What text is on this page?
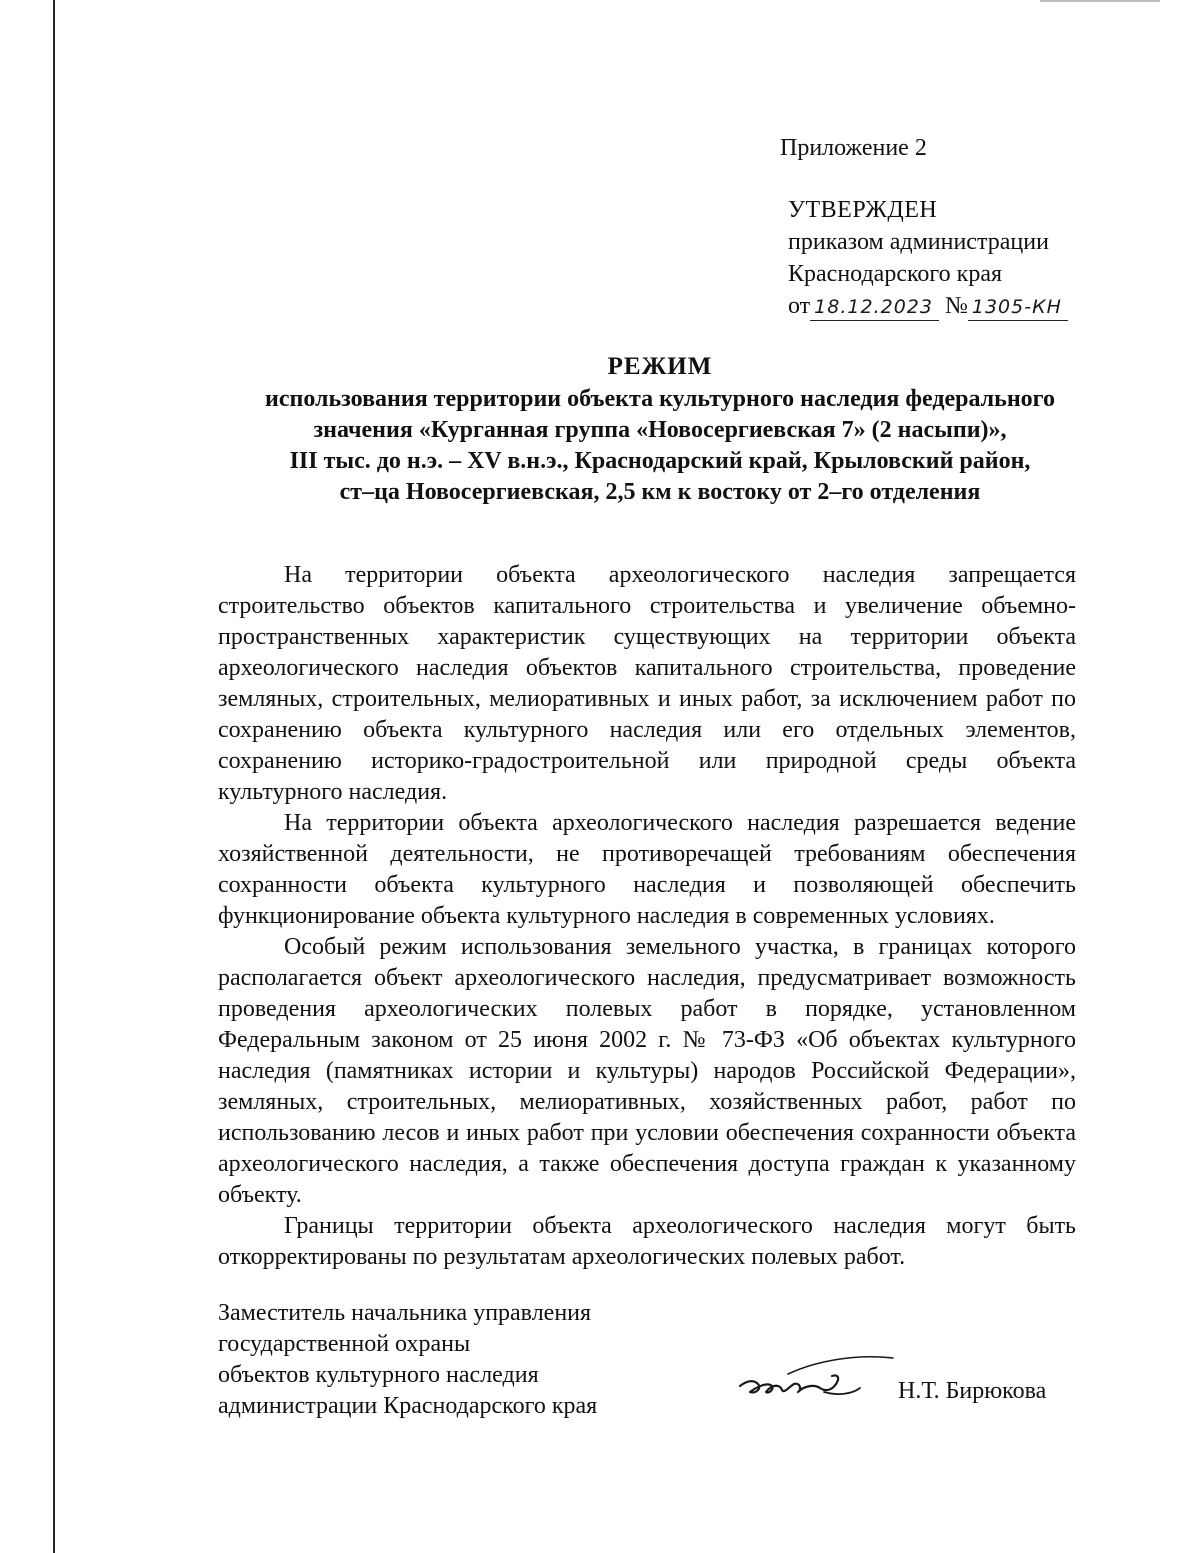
Приложение 2
УТВЕРЖДЕН
приказом администрации
Краснодарского края
от 18.12.2023 № 1305-КН
РЕЖИМ
использования территории объекта культурного наследия федерального
значения «Курганная группа «Новосергиевская 7» (2 насыпи)»,
III тыс. до н.э. – XV в.н.э., Краснодарский край, Крыловский район,
ст–ца Новосергиевская, 2,5 км к востоку от 2–го отделения

На территории объекта археологического наследия запрещается строительство объектов капитального строительства и увеличение объемно-пространственных характеристик существующих на территории объекта археологического наследия объектов капитального строительства, проведение земляных, строительных, мелиоративных и иных работ, за исключением работ по сохранению объекта культурного наследия или его отдельных элементов, сохранению историко-градостроительной или природной среды объекта культурного наследия.

На территории объекта археологического наследия разрешается ведение хозяйственной деятельности, не противоречащей требованиям обеспечения сохранности объекта культурного наследия и позволяющей обеспечить функционирование объекта культурного наследия в современных условиях.

Особый режим использования земельного участка, в границах которого располагается объект археологического наследия, предусматривает возможность проведения археологических полевых работ в порядке, установленном Федеральным законом от 25 июня 2002 г. № 73-ФЗ «Об объектах культурного наследия (памятниках истории и культуры) народов Российской Федерации», земляных, строительных, мелиоративных, хозяйственных работ, работ по использованию лесов и иных работ при условии обеспечения сохранности объекта археологического наследия, а также обеспечения доступа граждан к указанному объекту.

Границы территории объекта археологического наследия могут быть откорректированы по результатам археологических полевых работ.

Заместитель начальника управления
государственной охраны
объектов культурного наследия
администрации Краснодарского края
Н.Т. Бирюкова
